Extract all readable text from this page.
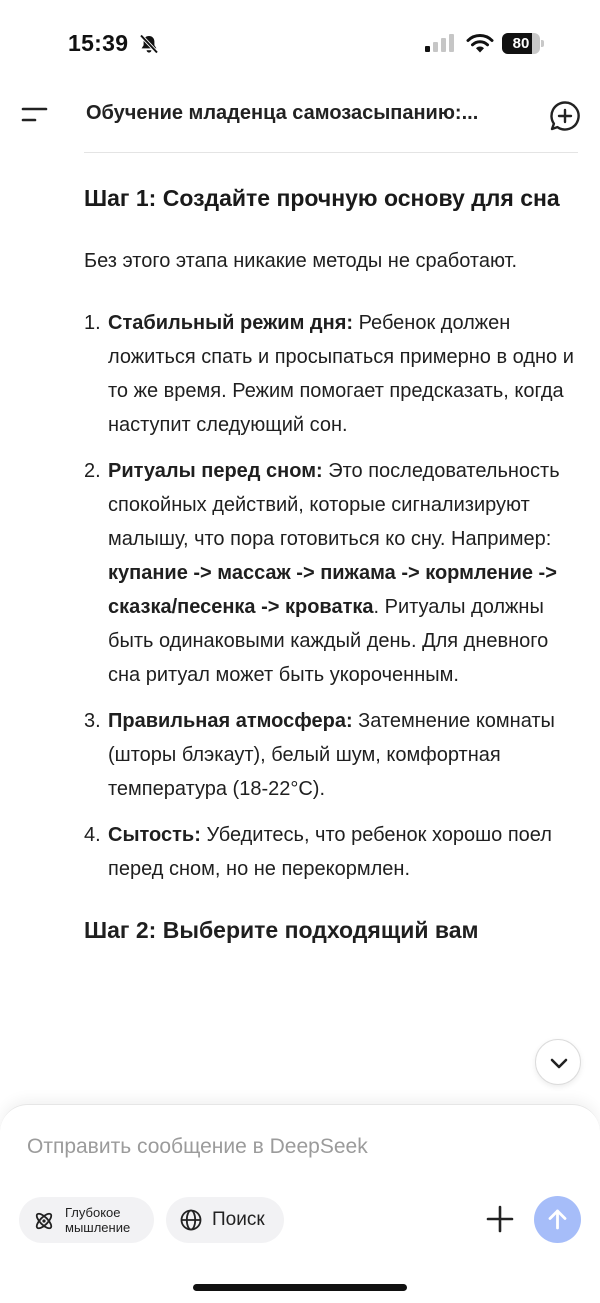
15:39	80
Обучение младенца самозасыпанию:...
Шаг 1: Создайте прочную основу для сна

Без этого этапа никакие методы не сработают.

1. Стабильный режим дня: Ребенок должен ложиться спать и просыпаться примерно в одно и то же время. Режим помогает предсказать, когда наступит следующий сон.
2. Ритуалы перед сном: Это последовательность спокойных действий, которые сигнализируют малышу, что пора готовиться ко сну. Например: купание -> массаж -> пижама -> кормление -> сказка/песенка -> кроватка. Ритуалы должны быть одинаковыми каждый день. Для дневного сна ритуал может быть укороченным.
3. Правильная атмосфера: Затемнение комнаты (шторы блэкаут), белый шум, комфортная температура (18-22°C).
4. Сытость: Убедитесь, что ребенок хорошо поел перед сном, но не перекормлен.
Шаг 2: Выберите подходящий вам
Отправить сообщение в DeepSeek
Глубокое мышление	Поиск
